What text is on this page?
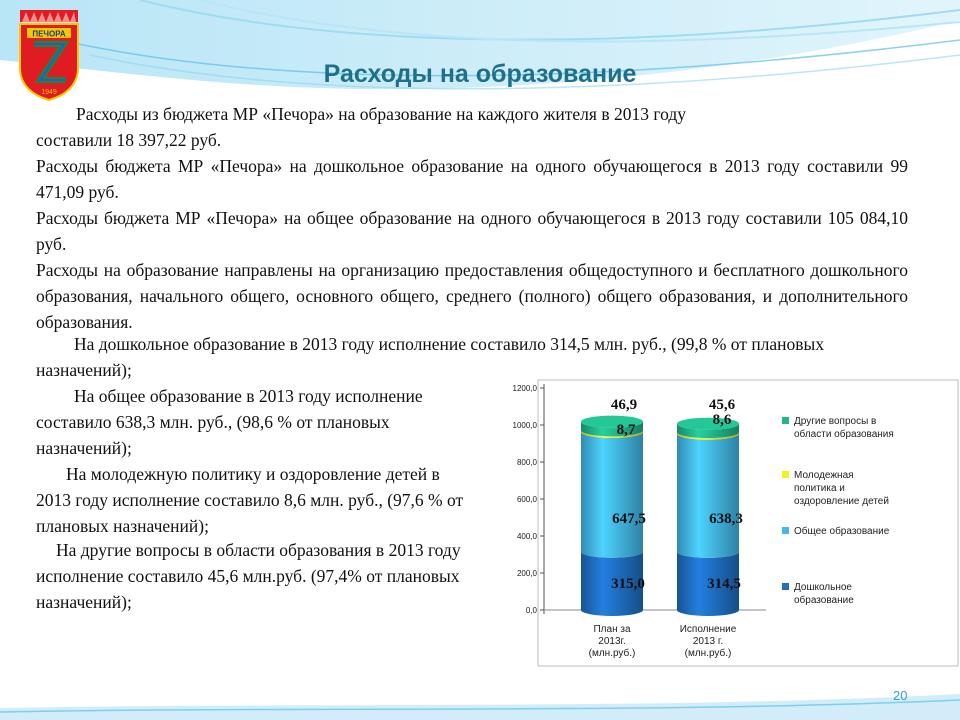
ПЕЧОРА
1949
Расходы на образование
Расходы из бюджета МР «Печора» на образование на каждого жителя в 2013 году
составили 18 397,22 руб.
Расходы бюджета МР «Печора» на дошкольное образование на одного обучающегося в 2013 году составили 99 471,09 руб.
Расходы бюджета МР «Печора» на общее образование на одного обучающегося в 2013 году составили 105 084,10 руб.
Расходы на образование направлены на организацию предоставления общедоступного и бесплатного дошкольного образования, начального общего, основного общего, среднего (полного) общего образования, и дополнительного образования.
На дошкольное образование в 2013 году исполнение составило 314,5 млн. руб., (99,8 % от плановых назначений);
На общее образование в 2013 году исполнение составило 638,3 млн. руб., (98,6 % от плановых назначений);
На молодежную политику и оздоровление детей в 2013 году исполнение составило 8,6 млн. руб., (97,6 % от плановых назначений);
На другие вопросы в области образования в 2013 году исполнение составило 45,6 млн.руб. (97,4% от плановых назначений);	0,0
200,0
400,0
600,0
800,0
1000,0
1200,0
315,0
647,5
8,7
46,9
314,5
638,3
8,6
45,6
План за
2013г.
(млн.руб.)
Исполнение
2013 г.
(млн.руб.)
Другие вопросы в
области образования
Молодежная
политика и
оздоровление детей
Общее образование
Дошкольное
образование
20
